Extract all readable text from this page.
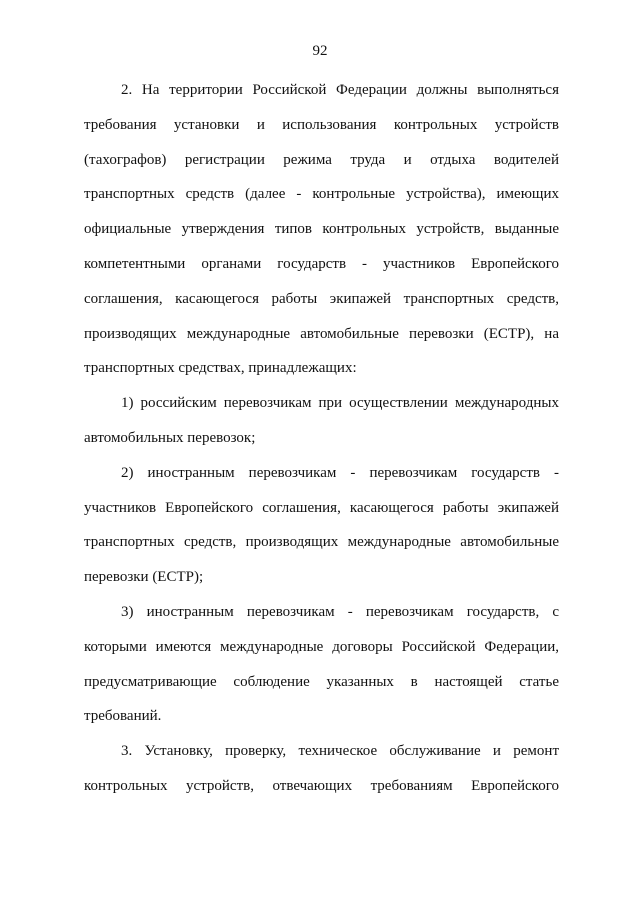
92
2. На территории Российской Федерации должны выполняться
требования установки и использования контрольных устройств
(тахографов) регистрации режима труда и отдыха водителей
транспортных средств (далее - контрольные устройства), имеющих
официальные утверждения типов контрольных устройств, выданные
компетентными органами государств - участников Европейского
соглашения, касающегося работы экипажей транспортных средств,
производящих международные автомобильные перевозки (ЕСТР), на
транспортных средствах, принадлежащих:
1) российским перевозчикам при осуществлении международных
автомобильных перевозок;
2) иностранным перевозчикам - перевозчикам государств -
участников Европейского соглашения, касающегося работы экипажей
транспортных средств, производящих международные автомобильные
перевозки (ЕСТР);
3) иностранным перевозчикам - перевозчикам государств, с
которыми имеются международные договоры Российской Федерации,
предусматривающие соблюдение указанных в настоящей статье
требований.
3. Установку, проверку, техническое обслуживание и ремонт
контрольных устройств, отвечающих требованиям Европейского
